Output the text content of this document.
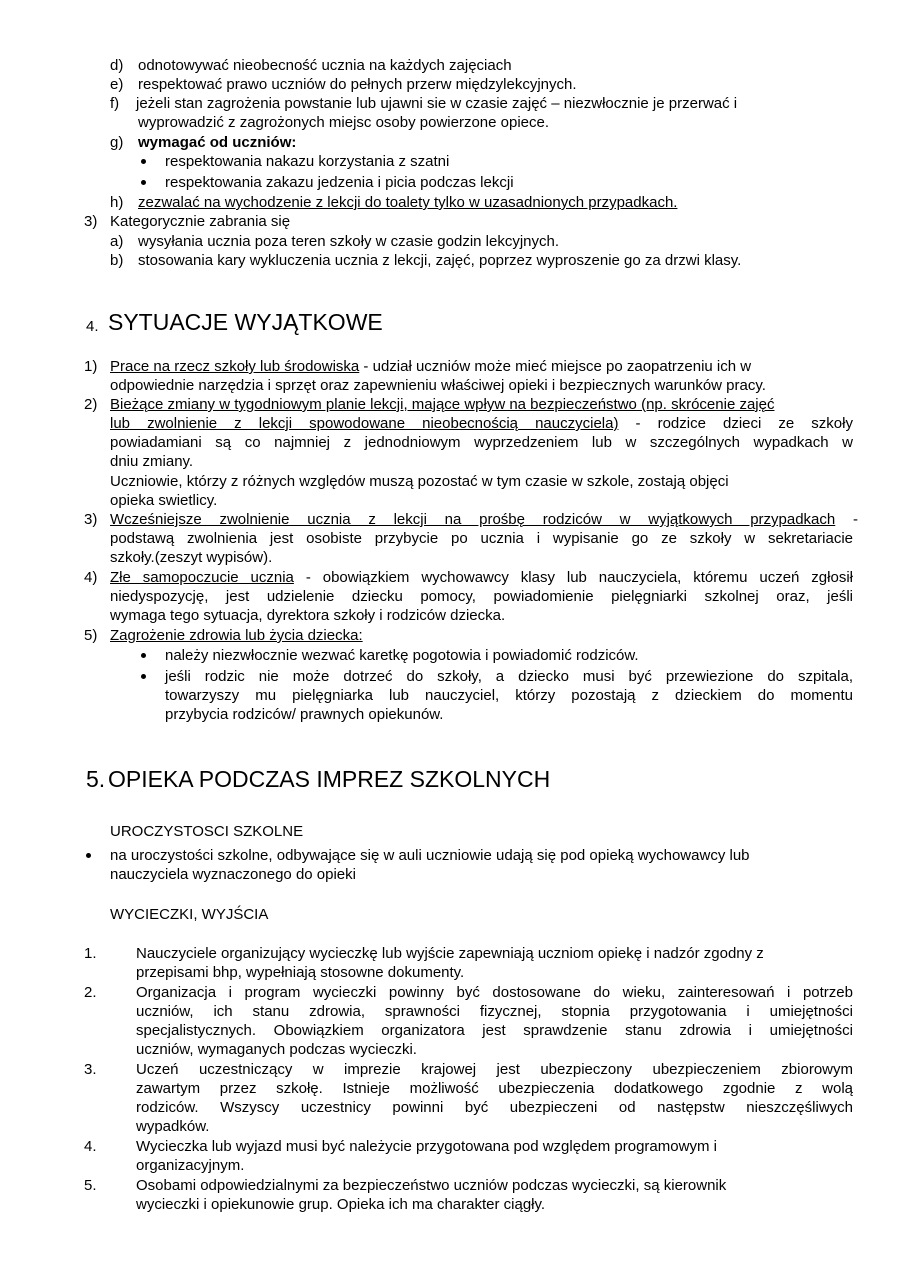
d) odnotowywać nieobecność ucznia na każdych zajęciach
e) respektować prawo uczniów do pełnych przerw międzylekcyjnych.
f) jeżeli stan zagrożenia powstanie lub ujawni sie w czasie zajęć – niezwłocznie je przerwać i
wyprowadzić z zagrożonych miejsc osoby powierzone opiece.
g) wymagać od uczniów:
respektowania nakazu korzystania z szatni
respektowania zakazu jedzenia i picia podczas lekcji
h) zezwalać na wychodzenie z lekcji do toalety tylko w uzasadnionych przypadkach.
3) Kategorycznie zabrania się
a) wysyłania ucznia poza teren szkoły w czasie godzin lekcyjnych.
b) stosowania kary wykluczenia ucznia z lekcji, zajęć, poprzez wyproszenie go za drzwi klasy.
4. SYTUACJE WYJĄTKOWE
1) Prace na rzecz szkoły lub środowiska - udział uczniów może mieć miejsce po zaopatrzeniu ich w
odpowiednie narzędzia i sprzęt oraz zapewnieniu właściwej opieki i bezpiecznych warunków pracy.
2) Bieżące zmiany w tygodniowym planie lekcji, mające wpływ na bezpieczeństwo (np. skrócenie zajęć
lub zwolnienie z lekcji spowodowane nieobecnością nauczyciela) - rodzice dzieci ze szkoły
powiadamiani są co najmniej z jednodniowym wyprzedzeniem lub w szczególnych wypadkach w
dniu zmiany.
Uczniowie, którzy z różnych względów muszą pozostać w tym czasie w szkole, zostają objęci
opieka swietlicy.
3) Wcześniejsze zwolnienie ucznia z lekcji na prośbę rodziców w wyjątkowych przypadkach -
podstawą zwolnienia jest osobiste przybycie po ucznia i wypisanie go ze szkoły w sekretariacie
szkoły.(zeszyt wypisów).
4) Złe samopoczucie ucznia - obowiązkiem wychowawcy klasy lub nauczyciela, któremu uczeń zgłosił
niedyspozycję, jest udzielenie dziecku pomocy, powiadomienie pielęgniarki szkolnej oraz, jeśli
wymaga tego sytuacja, dyrektora szkoły i rodziców dziecka.
5) Zagrożenie zdrowia lub życia dziecka:
należy niezwłocznie wezwać karetkę pogotowia i powiadomić rodziców.
jeśli rodzic nie może dotrzeć do szkoły, a dziecko musi być przewiezione do szpitala,
towarzyszy mu pielęgniarka lub nauczyciel, którzy pozostają z dzieckiem do momentu
przybycia rodziców/ prawnych opiekunów.
5. OPIEKA PODCZAS IMPREZ SZKOLNYCH
UROCZYSTOSCI SZKOLNE
na uroczystości szkolne, odbywające się w auli uczniowie udają się pod opieką wychowawcy lub
nauczyciela wyznaczonego do opieki
WYCIECZKI, WYJŚCIA
1.	Nauczyciele organizujący wycieczkę lub wyjście zapewniają uczniom opiekę i nadzór zgodny z
przepisami bhp, wypełniają stosowne dokumenty.
2.	Organizacja i program wycieczki powinny być dostosowane do wieku, zainteresowań i potrzeb
uczniów, ich stanu zdrowia, sprawności fizycznej, stopnia przygotowania i umiejętności
specjalistycznych. Obowiązkiem organizatora jest sprawdzenie stanu zdrowia i umiejętności
uczniów, wymaganych podczas wycieczki.
3.	Uczeń uczestniczący w imprezie krajowej jest ubezpieczony ubezpieczeniem zbiorowym
zawartym przez szkołę. Istnieje możliwość ubezpieczenia dodatkowego zgodnie z wolą
rodziców. Wszyscy uczestnicy powinni być ubezpieczeni od następstw nieszczęśliwych
wypadków.
4.	Wycieczka lub wyjazd musi być należycie przygotowana pod względem programowym i
organizacyjnym.
5.	Osobami odpowiedzialnymi za bezpieczeństwo uczniów podczas wycieczki, są kierownik
wycieczki i opiekunowie grup. Opieka ich ma charakter ciągły.
